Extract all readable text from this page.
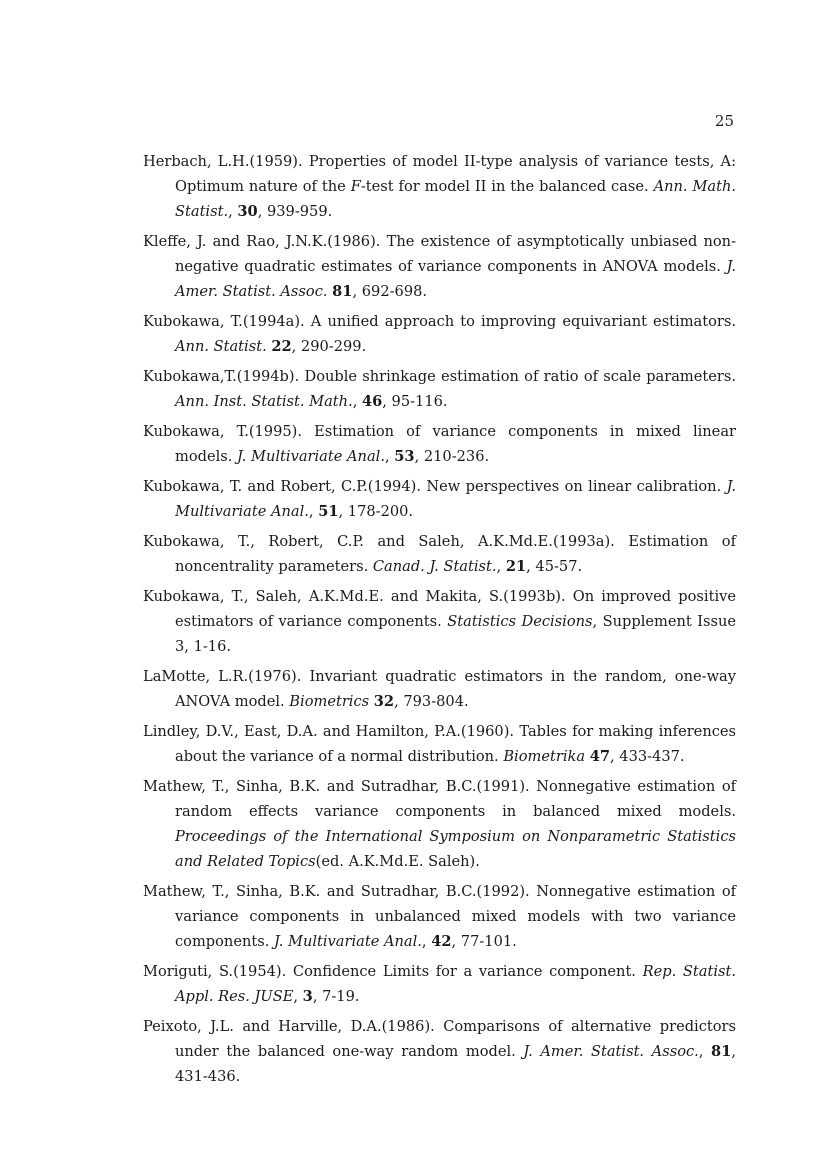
25
Herbach, L.H.(1959). Properties of model II-type analysis of variance tests, A: Optimum nature of the F-test for model II in the balanced case. Ann. Math. Statist., 30, 939-959.
Kleffe, J. and Rao, J.N.K.(1986). The existence of asymptotically unbiased non-negative quadratic estimates of variance components in ANOVA models. J. Amer. Statist. Assoc. 81, 692-698.
Kubokawa, T.(1994a). A unified approach to improving equivariant estimators. Ann. Statist. 22, 290-299.
Kubokawa,T.(1994b). Double shrinkage estimation of ratio of scale parameters. Ann. Inst. Statist. Math., 46, 95-116.
Kubokawa, T.(1995). Estimation of variance components in mixed linear models. J. Multivariate Anal., 53, 210-236.
Kubokawa, T. and Robert, C.P.(1994). New perspectives on linear calibration. J. Multivariate Anal., 51, 178-200.
Kubokawa, T., Robert, C.P. and Saleh, A.K.Md.E.(1993a). Estimation of noncentrality parameters. Canad. J. Statist., 21, 45-57.
Kubokawa, T., Saleh, A.K.Md.E. and Makita, S.(1993b). On improved positive estimators of variance components. Statistics Decisions, Supplement Issue 3, 1-16.
LaMotte, L.R.(1976). Invariant quadratic estimators in the random, one-way ANOVA model. Biometrics 32, 793-804.
Lindley, D.V., East, D.A. and Hamilton, P.A.(1960). Tables for making inferences about the variance of a normal distribution. Biometrika 47, 433-437.
Mathew, T., Sinha, B.K. and Sutradhar, B.C.(1991). Nonnegative estimation of random effects variance components in balanced mixed models. Proceedings of the International Symposium on Nonparametric Statistics and Related Topics(ed. A.K.Md.E. Saleh).
Mathew, T., Sinha, B.K. and Sutradhar, B.C.(1992). Nonnegative estimation of variance components in unbalanced mixed models with two variance components. J. Multivariate Anal., 42, 77-101.
Moriguti, S.(1954). Confidence Limits for a variance component. Rep. Statist. Appl. Res. JUSE, 3, 7-19.
Peixoto, J.L. and Harville, D.A.(1986). Comparisons of alternative predictors under the balanced one-way random model. J. Amer. Statist. Assoc., 81, 431-436.
